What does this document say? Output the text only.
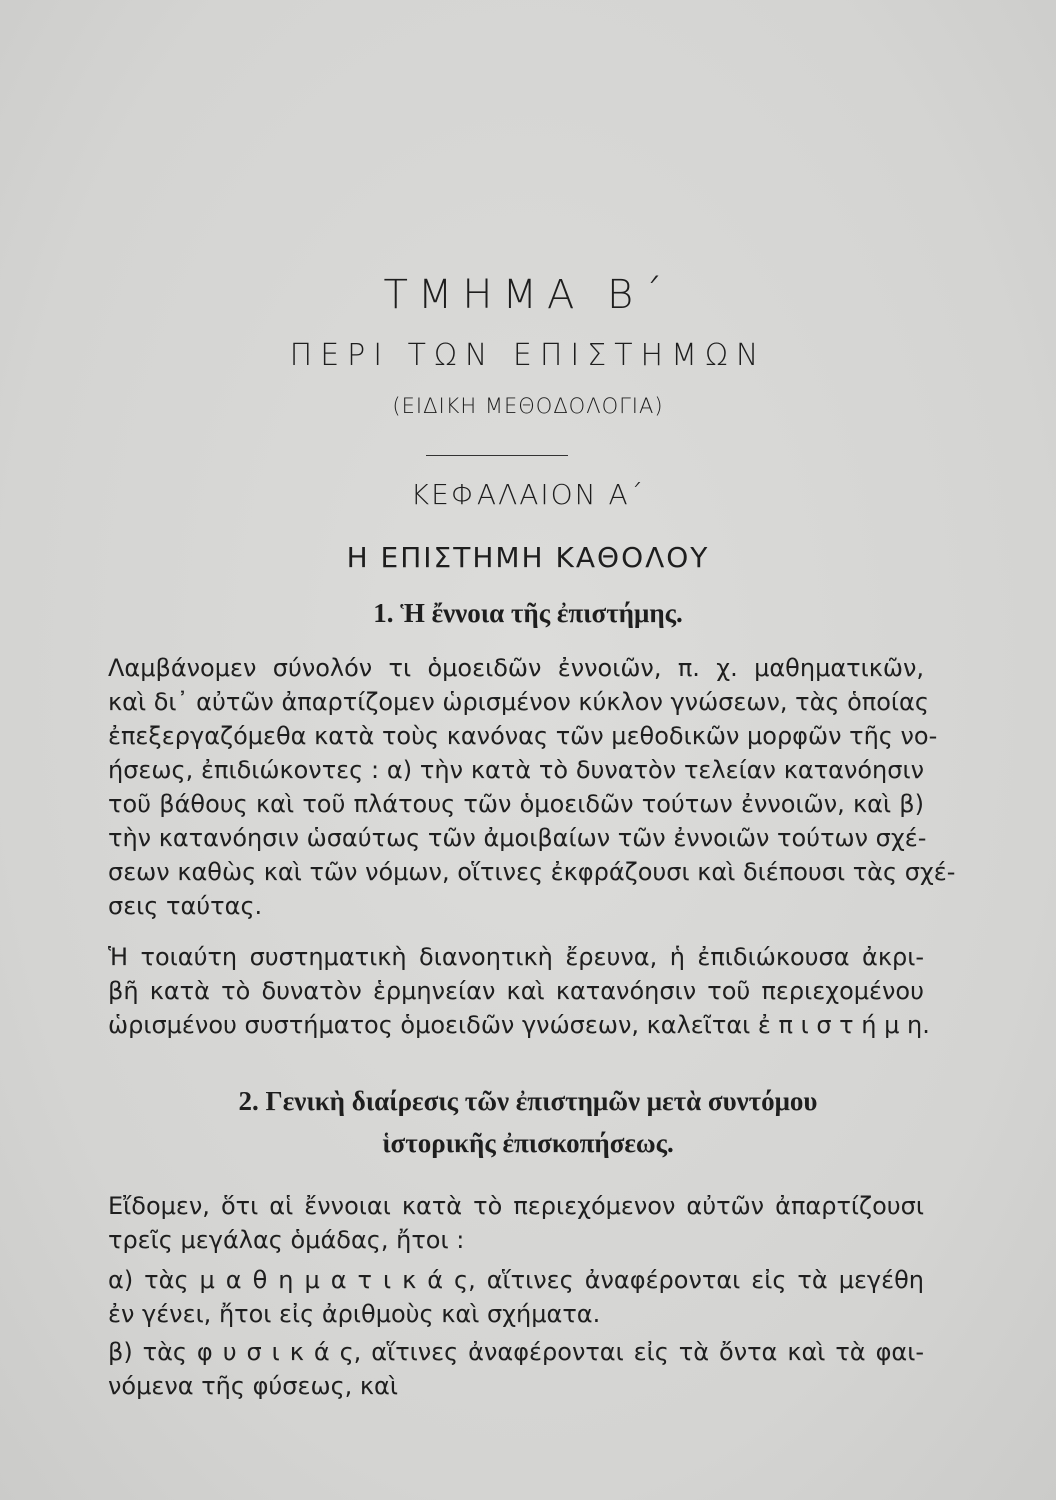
ΤΜΗΜΑ Β΄
ΠΕΡΙ ΤΩΝ ΕΠΙΣΤΗΜΩΝ
(ΕΙΔΙΚΗ ΜΕΘΟΔΟΛΟΓΙΑ)
ΚΕΦΑΛΑΙΟΝ Α΄
Η ΕΠΙΣΤΗΜΗ ΚΑΘΟΛΟΥ
1. Ἡ ἔννοια τῆς ἐπιστήμης.
Λαμβάνομεν σύνολόν τι ὁμοειδῶν ἐννοιῶν, π. χ. μαθηματικῶν,
καὶ δι᾽ αὐτῶν ἀπαρτίζομεν ὡρισμένον κύκλον γνώσεων, τὰς ὁποίας
ἐπεξεργαζόμεθα κατὰ τοὺς κανόνας τῶν μεθοδικῶν μορφῶν τῆς νο-
ήσεως, ἐπιδιώκοντες : α) τὴν κατὰ τὸ δυνατὸν τελείαν κατανόησιν
τοῦ βάθους καὶ τοῦ πλάτους τῶν ὁμοειδῶν τούτων ἐννοιῶν, καὶ β)
τὴν κατανόησιν ὡσαύτως τῶν ἀμοιβαίων τῶν ἐννοιῶν τούτων σχέ-
σεων καθὼς καὶ τῶν νόμων, οἵτινες ἐκφράζουσι καὶ διέπουσι τὰς σχέ-
σεις ταύτας.
Ἡ τοιαύτη συστηματικὴ διανοητικὴ ἔρευνα, ἡ ἐπιδιώκουσα ἀκρι-
βῆ κατὰ τὸ δυνατὸν ἑρμηνείαν καὶ κατανόησιν τοῦ περιεχομένου
ὡρισμένου συστήματος ὁμοειδῶν γνώσεων, καλεῖται ἐ π ι σ τ ή μ η.
2. Γενικὴ διαίρεσις τῶν ἐπιστημῶν μετὰ συντόμου
ἱστορικῆς ἐπισκοπήσεως.
Εἴδομεν, ὅτι αἱ ἔννοιαι κατὰ τὸ περιεχόμενον αὐτῶν ἀπαρτίζουσι
τρεῖς μεγάλας ὁμάδας, ἤτοι :
α) τὰς μ α θ η μ α τ ι κ ά ς, αἵτινες ἀναφέρονται εἰς τὰ μεγέθη
ἐν γένει, ἤτοι εἰς ἀριθμοὺς καὶ σχήματα.
β) τὰς φ υ σ ι κ ά ς, αἵτινες ἀναφέρονται εἰς τὰ ὄντα καὶ τὰ φαι-
νόμενα τῆς φύσεως, καὶ
